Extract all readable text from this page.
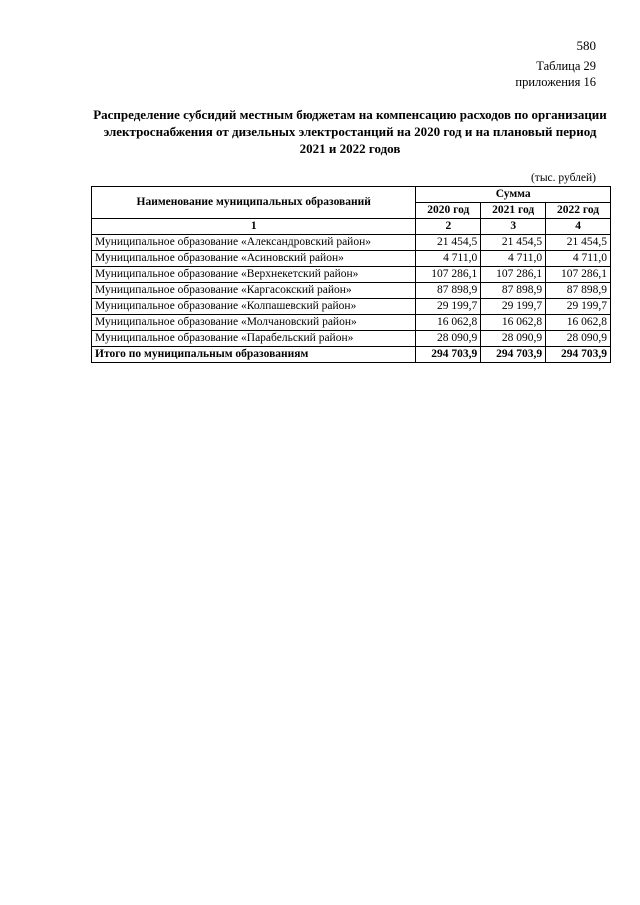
580
Таблица 29
приложения 16
Распределение субсидий местным бюджетам на компенсацию расходов по организации электроснабжения от дизельных электростанций на 2020 год и на плановый период 2021 и 2022 годов
(тыс. рублей)
Наименование муниципальных образований	Сумма		
	2020 год	2021 год	2022 год
1	2	3	4
Муниципальное образование «Александровский район»	21 454,5	21 454,5	21 454,5
Муниципальное образование «Асиновский район»	4 711,0	4 711,0	4 711,0
Муниципальное образование «Верхнекетский район»	107 286,1	107 286,1	107 286,1
Муниципальное образование «Каргасокский район»	87 898,9	87 898,9	87 898,9
Муниципальное образование «Колпашевский район»	29 199,7	29 199,7	29 199,7
Муниципальное образование «Молчановский район»	16 062,8	16 062,8	16 062,8
Муниципальное образование «Парабельский район»	28 090,9	28 090,9	28 090,9
Итого по муниципальным образованиям	294 703,9	294 703,9	294 703,9
